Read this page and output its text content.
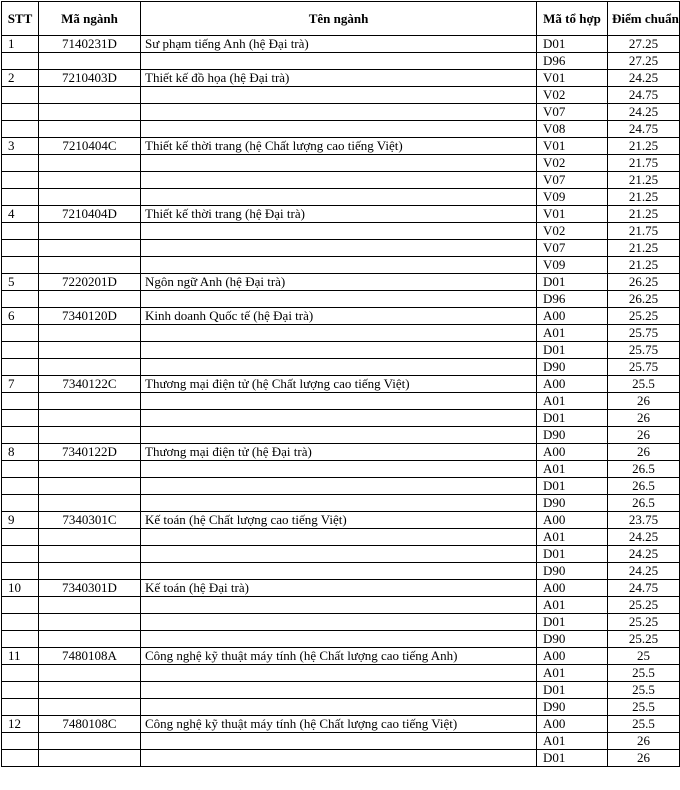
STT	Mã ngành	Tên ngành	Mã tổ hợp	Điểm chuẩn
1	7140231D	Sư phạm tiếng Anh (hệ Đại trà)	D01	27.25
			D96	27.25
2	7210403D	Thiết kế đồ họa (hệ Đại trà)	V01	24.25
			V02	24.75
			V07	24.25
			V08	24.75
3	7210404C	Thiết kế thời trang (hệ Chất lượng cao tiếng Việt)	V01	21.25
			V02	21.75
			V07	21.25
			V09	21.25
4	7210404D	Thiết kế thời trang (hệ Đại trà)	V01	21.25
			V02	21.75
			V07	21.25
			V09	21.25
5	7220201D	Ngôn ngữ Anh (hệ Đại trà)	D01	26.25
			D96	26.25
6	7340120D	Kinh doanh Quốc tế (hệ Đại trà)	A00	25.25
			A01	25.75
			D01	25.75
			D90	25.75
7	7340122C	Thương mại điện tử (hệ Chất lượng cao tiếng Việt)	A00	25.5
			A01	26
			D01	26
			D90	26
8	7340122D	Thương mại điện tử (hệ Đại trà)	A00	26
			A01	26.5
			D01	26.5
			D90	26.5
9	7340301C	Kế toán (hệ Chất lượng cao tiếng Việt)	A00	23.75
			A01	24.25
			D01	24.25
			D90	24.25
10	7340301D	Kế toán (hệ Đại trà)	A00	24.75
			A01	25.25
			D01	25.25
			D90	25.25
11	7480108A	Công nghệ kỹ thuật máy tính (hệ Chất lượng cao tiếng Anh)	A00	25
			A01	25.5
			D01	25.5
			D90	25.5
12	7480108C	Công nghệ kỹ thuật máy tính (hệ Chất lượng cao tiếng Việt)	A00	25.5
			A01	26
			D01	26
